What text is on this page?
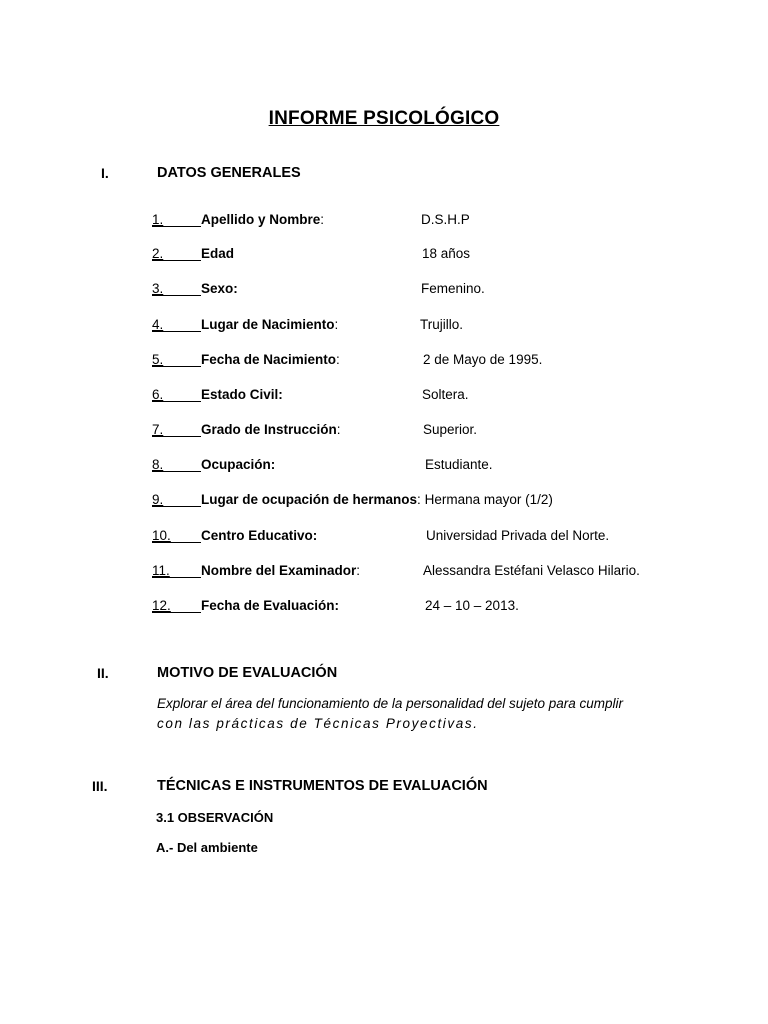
INFORME PSICOLÓGICO
I.	DATOS GENERALES
1.	Apellido y Nombre:	D.S.H.P
2.	Edad	18 años
3.	Sexo:	Femenino.
4.	Lugar de Nacimiento:	Trujillo.
5.	Fecha de Nacimiento:	2 de Mayo de 1995.
6.	Estado Civil:	Soltera.
7.	Grado de Instrucción:	Superior.
8.	Ocupación:	Estudiante.
9.	Lugar de ocupación de hermanos: Hermana mayor (1/2)
10.	Centro Educativo:	Universidad Privada del Norte.
11.	Nombre del Examinador:	Alessandra Estéfani Velasco Hilario.
12.	Fecha de Evaluación:	24 – 10 – 2013.
II.	MOTIVO DE EVALUACIÓN
Explorar el área del funcionamiento de la personalidad del sujeto para cumplir
con las prácticas de Técnicas Proyectivas.
III.	TÉCNICAS E INSTRUMENTOS DE EVALUACIÓN
3.1 OBSERVACIÓN
A.- Del ambiente
